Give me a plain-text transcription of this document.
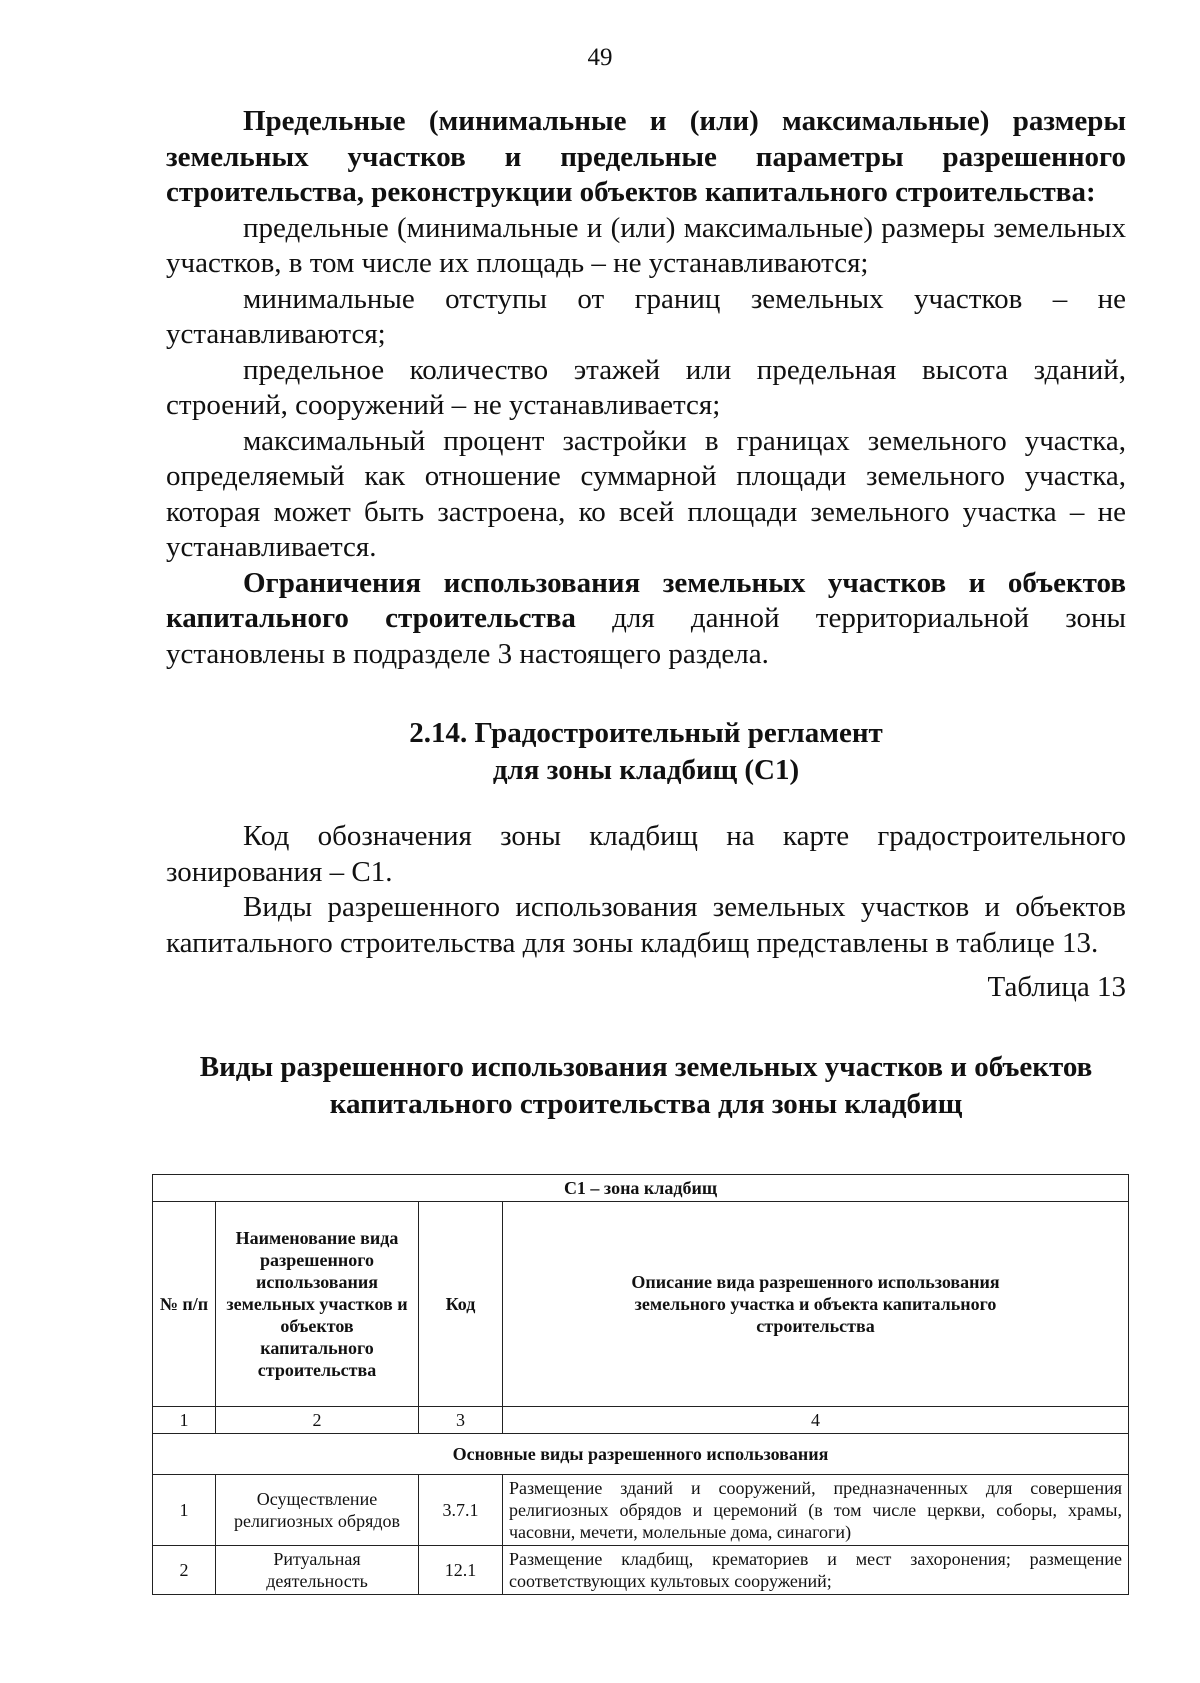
49

Предельные (минимальные и (или) максимальные) размеры земельных участков и предельные параметры разрешенного строительства, реконструкции объектов капитального строительства:

предельные (минимальные и (или) максимальные) размеры земельных участков, в том числе их площадь – не устанавливаются;

минимальные отступы от границ земельных участков – не устанавливаются;

предельное количество этажей или предельная высота зданий, строений, сооружений – не устанавливается;

максимальный процент застройки в границах земельного участка, определяемый как отношение суммарной площади земельного участка, которая может быть застроена, ко всей площади земельного участка – не устанавливается.

Ограничения использования земельных участков и объектов капитального строительства для данной территориальной зоны установлены в подразделе 3 настоящего раздела.

2.14. Градостроительный регламент
для зоны кладбищ (С1)

Код обозначения зоны кладбищ на карте градостроительного зонирования – С1.

Виды разрешенного использования земельных участков и объектов капитального строительства для зоны кладбищ представлены в таблице 13.

Таблица 13
Виды разрешенного использования земельных участков и объектов
капитального строительства для зоны кладбищ
С1 – зона кладбищ			
№ п/п	Наименование вида разрешенного использования земельных участков и объектов капитального строительства	Код	Описание вида разрешенного использования земельного участка и объекта капитального строительства
1	2	3	4
Основные виды разрешенного использования			
1	Осуществление религиозных обрядов	3.7.1	Размещение зданий и сооружений, предназначенных для совершения религиозных обрядов и церемоний (в том числе церкви, соборы, храмы, часовни, мечети, молельные дома, синагоги)
2	Ритуальная деятельность	12.1	Размещение кладбищ, крематориев и мест захоронения; размещение соответствующих культовых сооружений;
